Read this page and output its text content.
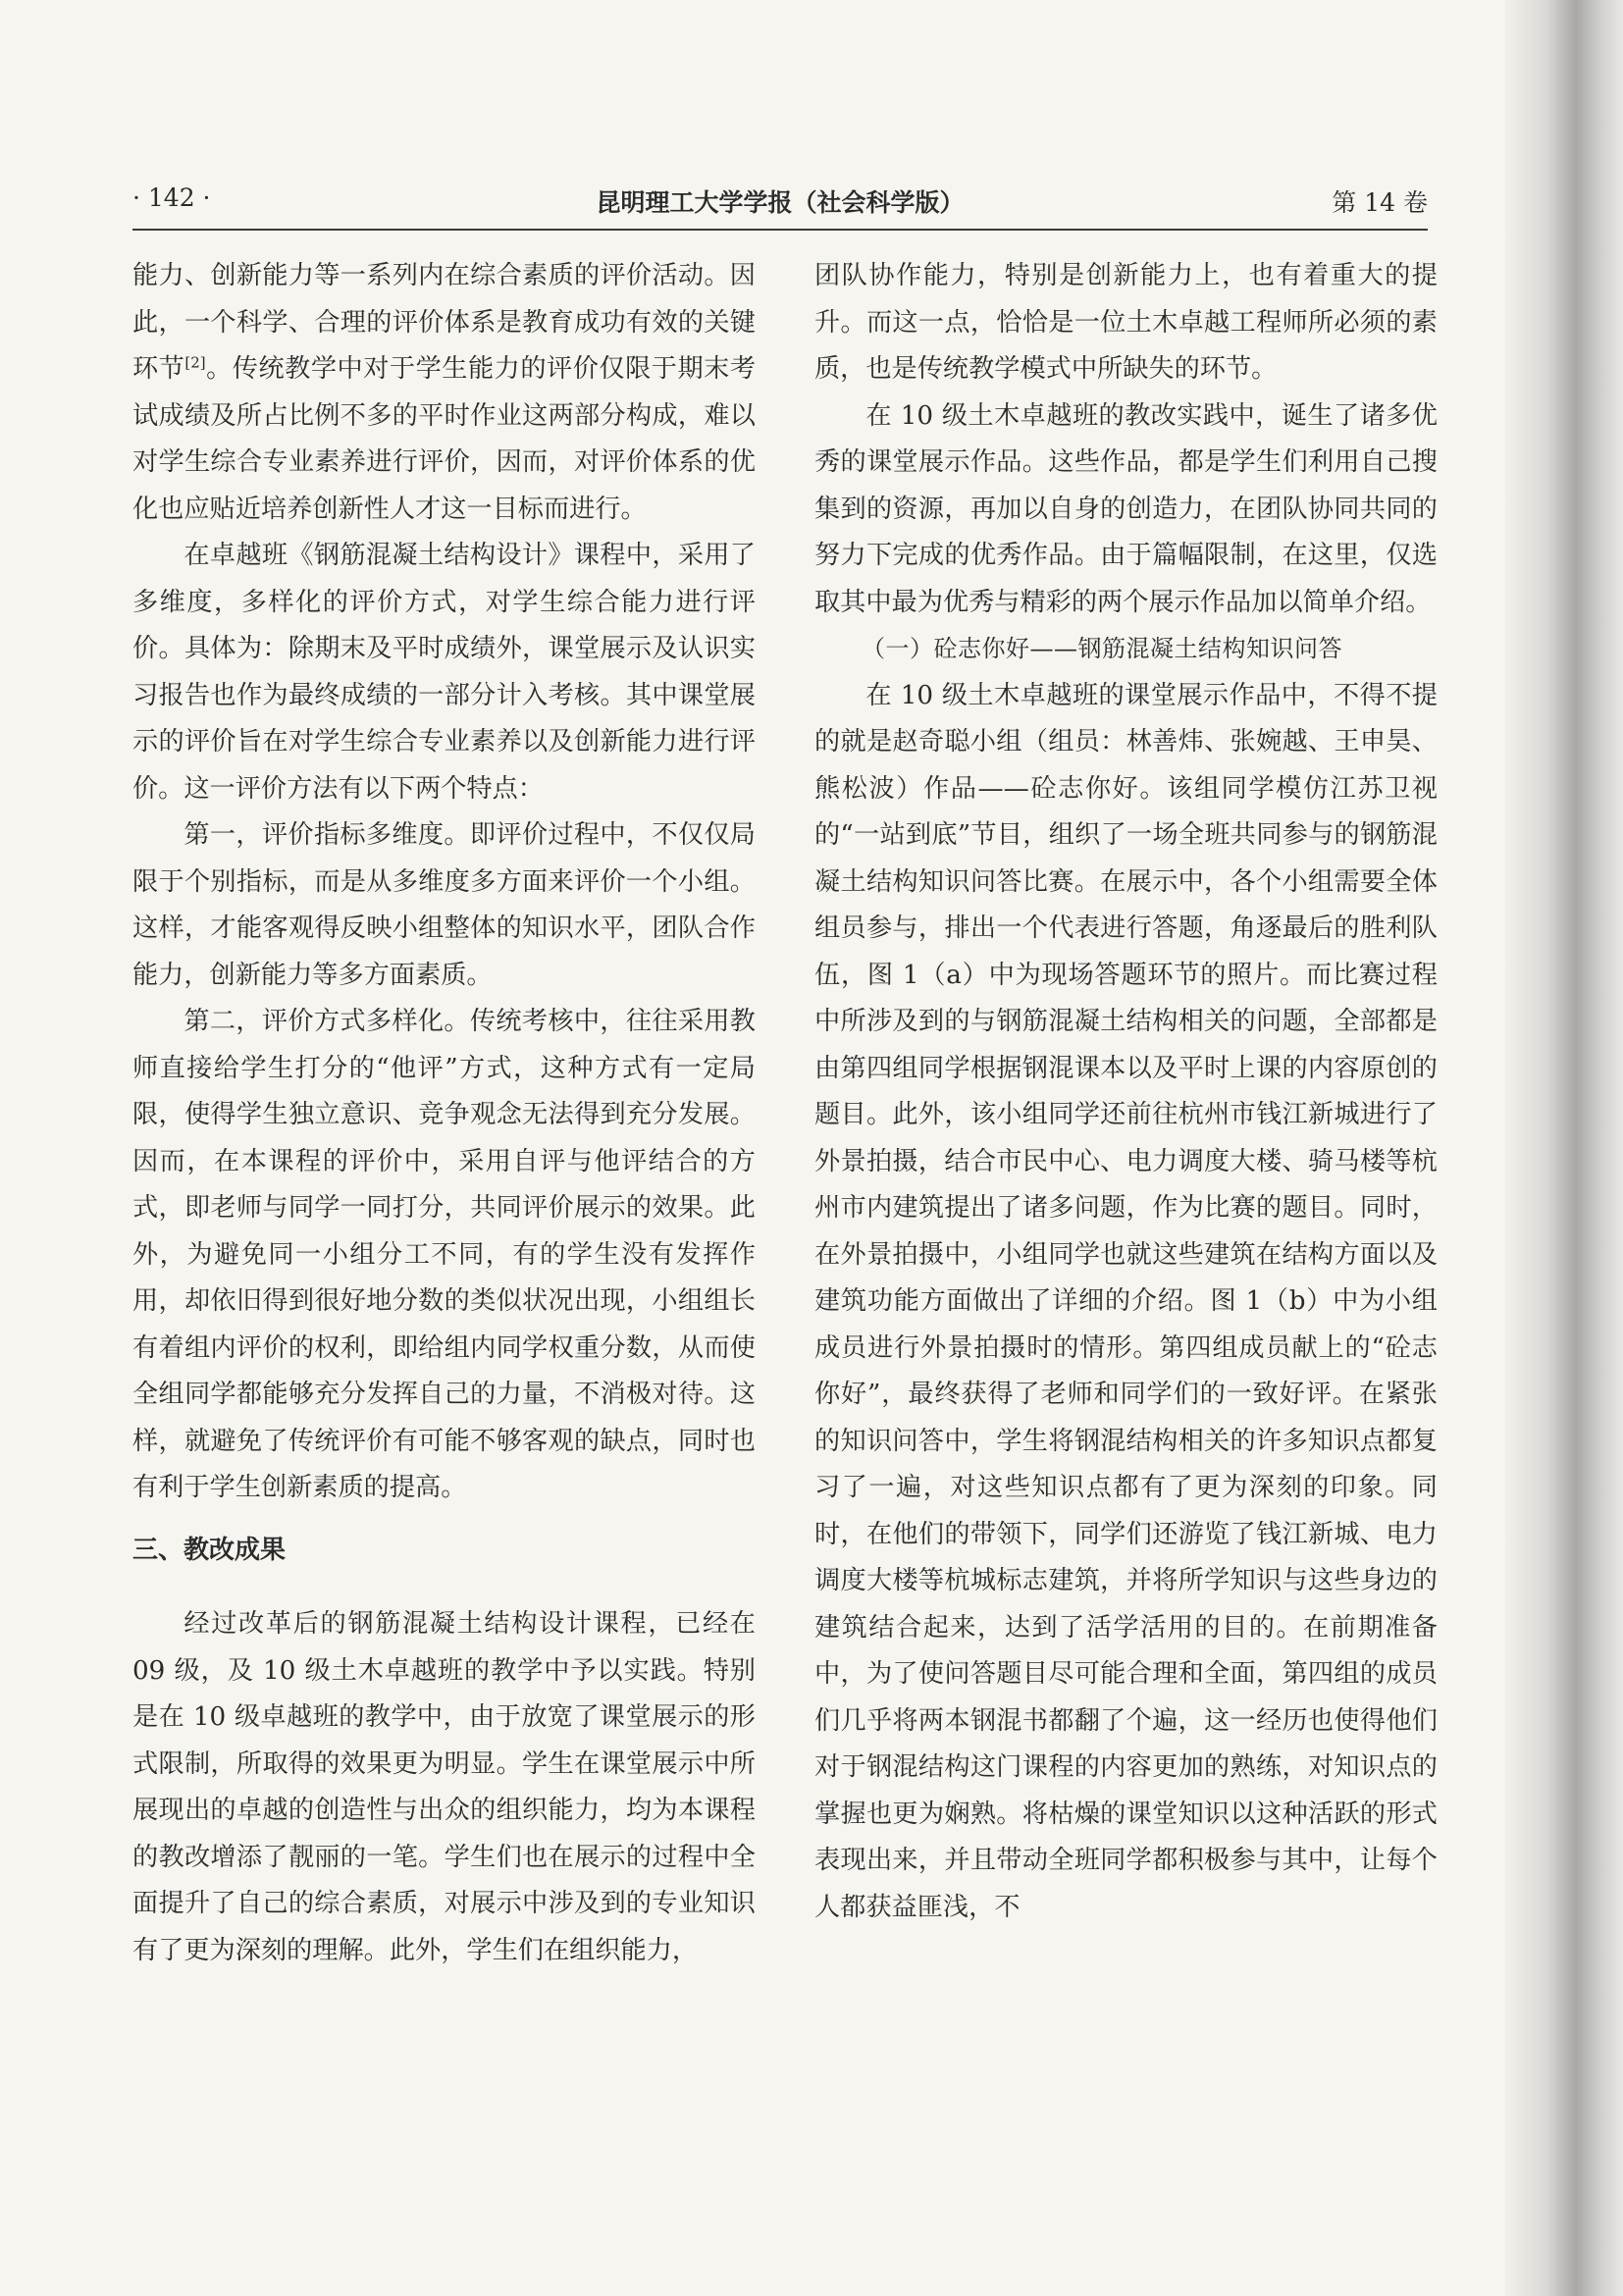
· 142 ·	昆明理工大学学报（社会科学版）	第 14 卷

能力、创新能力等一系列内在综合素质的评价活动。因此，一个科学、合理的评价体系是教育成功有效的关键环节[2]。传统教学中对于学生能力的评价仅限于期末考试成绩及所占比例不多的平时作业这两部分构成，难以对学生综合专业素养进行评价，因而，对评价体系的优化也应贴近培养创新性人才这一目标而进行。

在卓越班《钢筋混凝土结构设计》课程中，采用了多维度，多样化的评价方式，对学生综合能力进行评价。具体为：除期末及平时成绩外，课堂展示及认识实习报告也作为最终成绩的一部分计入考核。其中课堂展示的评价旨在对学生综合专业素养以及创新能力进行评价。这一评价方法有以下两个特点：

第一，评价指标多维度。即评价过程中，不仅仅局限于个别指标，而是从多维度多方面来评价一个小组。这样，才能客观得反映小组整体的知识水平，团队合作能力，创新能力等多方面素质。

第二，评价方式多样化。传统考核中，往往采用教师直接给学生打分的“他评”方式，这种方式有一定局限，使得学生独立意识、竞争观念无法得到充分发展。因而，在本课程的评价中，采用自评与他评结合的方式，即老师与同学一同打分，共同评价展示的效果。此外，为避免同一小组分工不同，有的学生没有发挥作用，却依旧得到很好地分数的类似状况出现，小组组长有着组内评价的权利，即给组内同学权重分数，从而使全组同学都能够充分发挥自己的力量，不消极对待。这样，就避免了传统评价有可能不够客观的缺点，同时也有利于学生创新素质的提高。

三、教改成果

经过改革后的钢筋混凝土结构设计课程，已经在09 级，及 10 级土木卓越班的教学中予以实践。特别是在 10 级卓越班的教学中，由于放宽了课堂展示的形式限制，所取得的效果更为明显。学生在课堂展示中所展现出的卓越的创造性与出众的组织能力，均为本课程的教改增添了靓丽的一笔。学生们也在展示的过程中全面提升了自己的综合素质，对展示中涉及到的专业知识有了更为深刻的理解。此外，学生们在组织能力，

团队协作能力，特别是创新能力上，也有着重大的提升。而这一点，恰恰是一位土木卓越工程师所必须的素质，也是传统教学模式中所缺失的环节。

在 10 级土木卓越班的教改实践中，诞生了诸多优秀的课堂展示作品。这些作品，都是学生们利用自己搜集到的资源，再加以自身的创造力，在团队协同共同的努力下完成的优秀作品。由于篇幅限制，在这里，仅选取其中最为优秀与精彩的两个展示作品加以简单介绍。

（一）砼志你好——钢筋混凝土结构知识问答

在 10 级土木卓越班的课堂展示作品中，不得不提的就是赵奇聪小组（组员：林善炜、张婉越、王申昊、熊松波）作品——砼志你好。该组同学模仿江苏卫视的“一站到底”节目，组织了一场全班共同参与的钢筋混凝土结构知识问答比赛。在展示中，各个小组需要全体组员参与，排出一个代表进行答题，角逐最后的胜利队伍，图 1（a）中为现场答题环节的照片。而比赛过程中所涉及到的与钢筋混凝土结构相关的问题，全部都是由第四组同学根据钢混课本以及平时上课的内容原创的题目。此外，该小组同学还前往杭州市钱江新城进行了外景拍摄，结合市民中心、电力调度大楼、骑马楼等杭州市内建筑提出了诸多问题，作为比赛的题目。同时，在外景拍摄中，小组同学也就这些建筑在结构方面以及建筑功能方面做出了详细的介绍。图 1（b）中为小组成员进行外景拍摄时的情形。第四组成员献上的“砼志你好”，最终获得了老师和同学们的一致好评。在紧张的知识问答中，学生将钢混结构相关的许多知识点都复习了一遍，对这些知识点都有了更为深刻的印象。同时，在他们的带领下，同学们还游览了钱江新城、电力调度大楼等杭城标志建筑，并将所学知识与这些身边的建筑结合起来，达到了活学活用的目的。在前期准备中，为了使问答题目尽可能合理和全面，第四组的成员们几乎将两本钢混书都翻了个遍，这一经历也使得他们对于钢混结构这门课程的内容更加的熟练，对知识点的掌握也更为娴熟。将枯燥的课堂知识以这种活跃的形式表现出来，并且带动全班同学都积极参与其中，让每个人都获益匪浅，不
